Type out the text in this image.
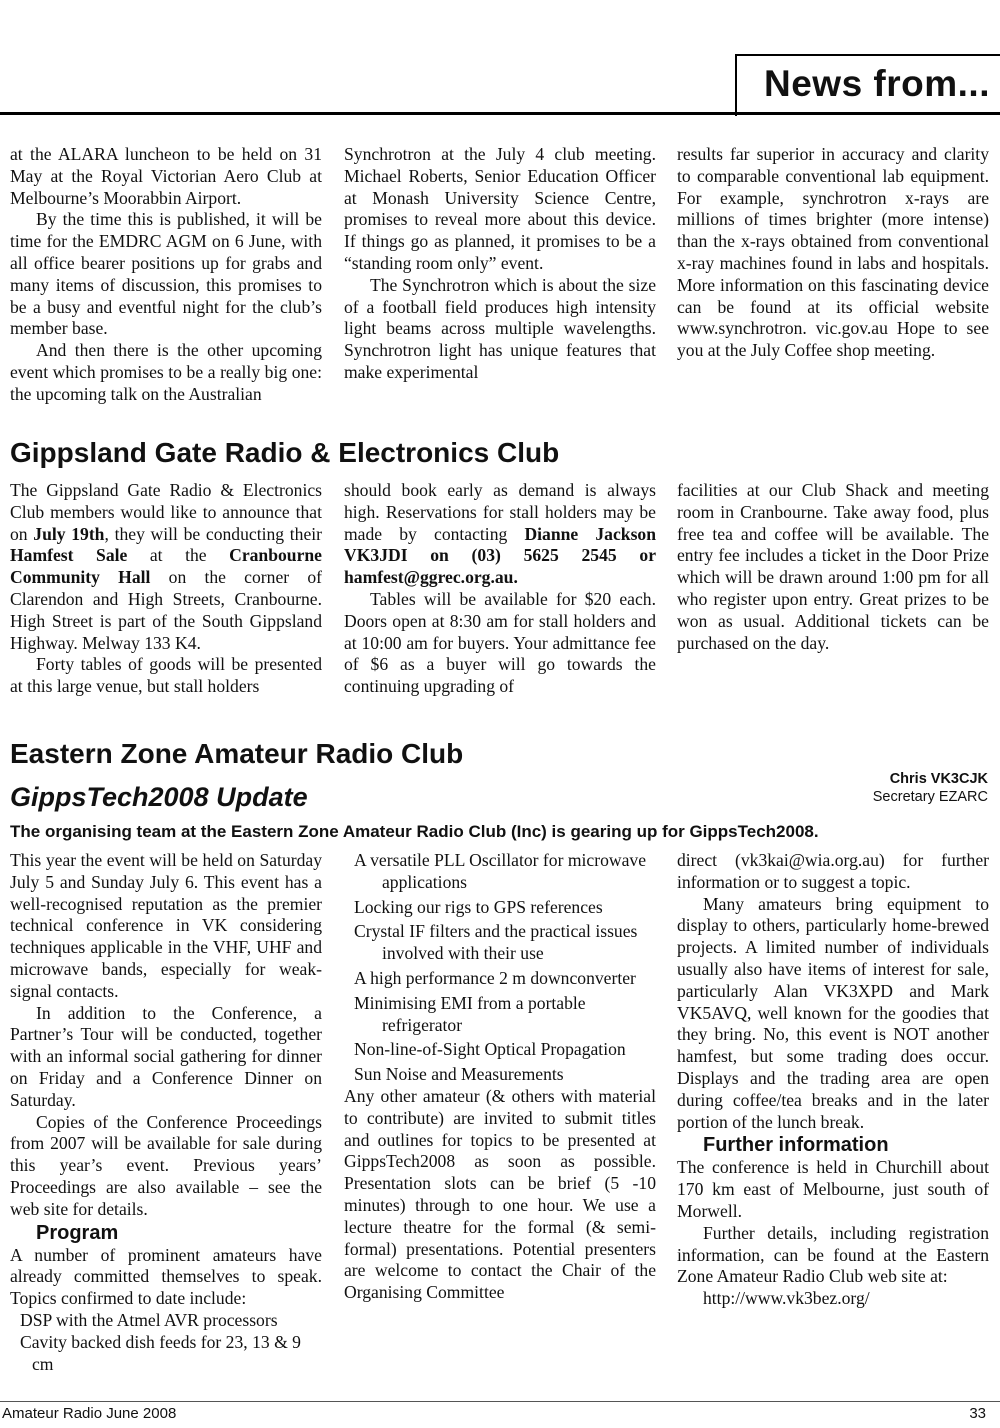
News from...

at the ALARA luncheon to be held on 31 May at the Royal Victorian Aero Club at Melbourne’s Moorabbin Airport.

By the time this is published, it will be time for the EMDRC AGM on 6 June, with all office bearer positions up for grabs and many items of discussion, this promises to be a busy and eventful night for the club’s member base.

And then there is the other upcoming event which promises to be a really big one: the upcoming talk on the Australian

Synchrotron at the July 4 club meeting. Michael Roberts, Senior Education Officer at Monash University Science Centre, promises to reveal more about this device. If things go as planned, it promises to be a “standing room only” event.

The Synchrotron which is about the size of a football field produces high intensity light beams across multiple wavelengths. Synchrotron light has unique features that make experimental

results far superior in accuracy and clarity to comparable conventional lab equipment. For example, synchrotron x-rays are millions of times brighter (more intense) than the x-rays obtained from conventional x-ray machines found in labs and hospitals. More information on this fascinating device can be found at its official website www.synchrotron. vic.gov.au Hope to see you at the July Coffee shop meeting.

Gippsland Gate Radio & Electronics Club

The Gippsland Gate Radio & Electronics Club members would like to announce that on July 19th, they will be conducting their Hamfest Sale at the Cranbourne Community Hall on the corner of Clarendon and High Streets, Cranbourne. High Street is part of the South Gippsland Highway. Melway 133 K4.

Forty tables of goods will be presented at this large venue, but stall holders

should book early as demand is always high. Reservations for stall holders may be made by contacting Dianne Jackson VK3JDI on (03) 5625 2545 or hamfest@ggrec.org.au.

Tables will be available for $20 each. Doors open at 8:30 am for stall holders and at 10:00 am for buyers. Your admittance fee of $6 as a buyer will go towards the continuing upgrading of

facilities at our Club Shack and meeting room in Cranbourne. Take away food, plus free tea and coffee will be available. The entry fee includes a ticket in the Door Prize which will be drawn around 1:00 pm for all who register upon entry. Great prizes to be won as usual. Additional tickets can be purchased on the day.

Eastern Zone Amateur Radio Club
GippsTech2008 Update
Chris VK3CJK
Secretary EZARC
The organising team at the Eastern Zone Amateur Radio Club (Inc) is gearing up for GippsTech2008.

This year the event will be held on Saturday July 5 and Sunday July 6. This event has a well-recognised reputation as the premier technical conference in VK considering techniques applicable in the VHF, UHF and microwave bands, especially for weak-signal contacts.

In addition to the Conference, a Partner’s Tour will be conducted, together with an informal social gathering for dinner on Friday and a Conference Dinner on Saturday.

Copies of the Conference Proceedings from 2007 will be available for sale during this year’s event. Previous years’ Proceedings are also available – see the web site for details.

Program

A number of prominent amateurs have already committed themselves to speak. Topics confirmed to date include:

DSP with the Atmel AVR processors
Cavity backed dish feeds for 23, 13 & 9 cm
A versatile PLL Oscillator for microwave applications
Locking our rigs to GPS references
Crystal IF filters and the practical issues involved with their use
A high performance 2 m downconverter
Minimising EMI from a portable refrigerator
Non-line-of-Sight Optical Propagation
Sun Noise and Measurements

Any other amateur (& others with material to contribute) are invited to submit titles and outlines for topics to be presented at GippsTech2008 as soon as possible. Presentation slots can be brief (5 -10 minutes) through to one hour. We use a lecture theatre for the formal (& semi-formal) presentations. Potential presenters are welcome to contact the Chair of the Organising Committee

direct (vk3kai@wia.org.au) for further information or to suggest a topic.

Many amateurs bring equipment to display to others, particularly home-brewed projects. A limited number of individuals usually also have items of interest for sale, particularly Alan VK3XPD and Mark VK5AVQ, well known for the goodies that they bring. No, this event is NOT another hamfest, but some trading does occur. Displays and the trading area are open during coffee/tea breaks and in the later portion of the lunch break.

Further information

The conference is held in Churchill about 170 km east of Melbourne, just south of Morwell.

Further details, including registration information, can be found at the Eastern Zone Amateur Radio Club web site at:

http://www.vk3bez.org/

Amateur Radio June 2008	33
